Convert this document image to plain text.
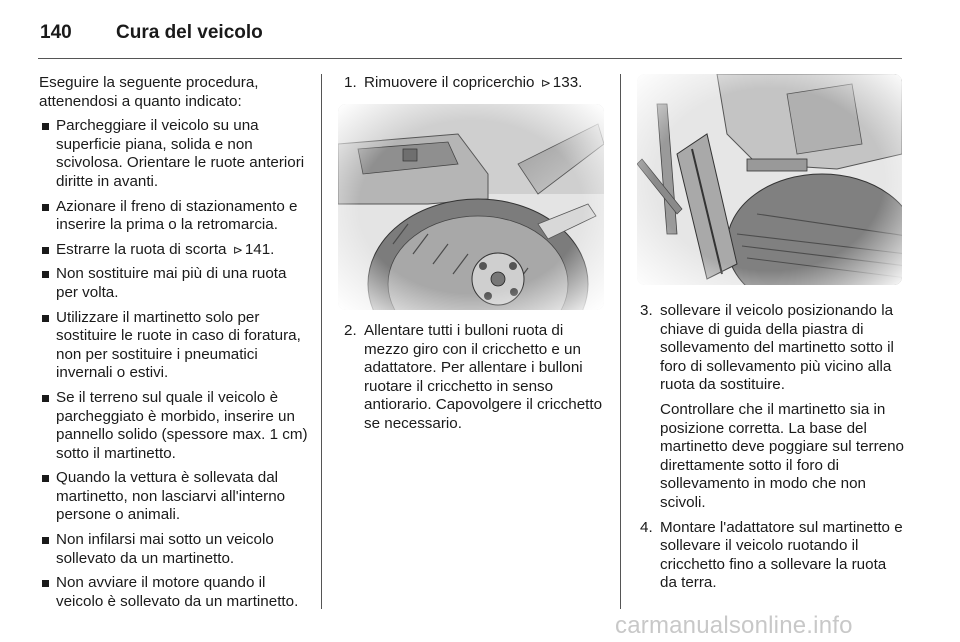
140	Cura del veicolo

Eseguire la seguente procedura, attenendosi a quanto indicato:

Parcheggiare il veicolo su una superficie piana, solida e non scivolosa. Orientare le ruote anteriori diritte in avanti.
Azionare il freno di stazionamento e inserire la prima o la retromarcia.
Estrarre la ruota di scorta ⊳ 141.
Non sostituire mai più di una ruota per volta.
Utilizzare il martinetto solo per sostituire le ruote in caso di foratura, non per sostituire i pneumatici invernali o estivi.
Se il terreno sul quale il veicolo è parcheggiato è morbido, inserire un pannello solido (spessore max. 1 cm) sotto il martinetto.
Quando la vettura è sollevata dal martinetto, non lasciarvi all'interno persone o animali.
Non infilarsi mai sotto un veicolo sollevato da un martinetto.
Non avviare il motore quando il veicolo è sollevato da un martinetto.
1. Rimuovere il copricerchio ⊳ 133.
2. Allentare tutti i bulloni ruota di mezzo giro con il cricchetto e un adattatore. Per allentare i bulloni ruotare il cricchetto in senso antiorario. Capovolgere il cricchetto se necessario.
3. sollevare il veicolo posizionando la chiave di guida della piastra di sollevamento del martinetto sotto il foro di sollevamento più vicino alla ruota da sostituire.

Controllare che il martinetto sia in posizione corretta. La base del martinetto deve poggiare sul terreno direttamente sotto il foro di sollevamento in modo che non scivoli.

4. Montare l'adattatore sul martinetto e sollevare il veicolo ruotando il cricchetto fino a sollevare la ruota da terra.
carmanualsonline.info
